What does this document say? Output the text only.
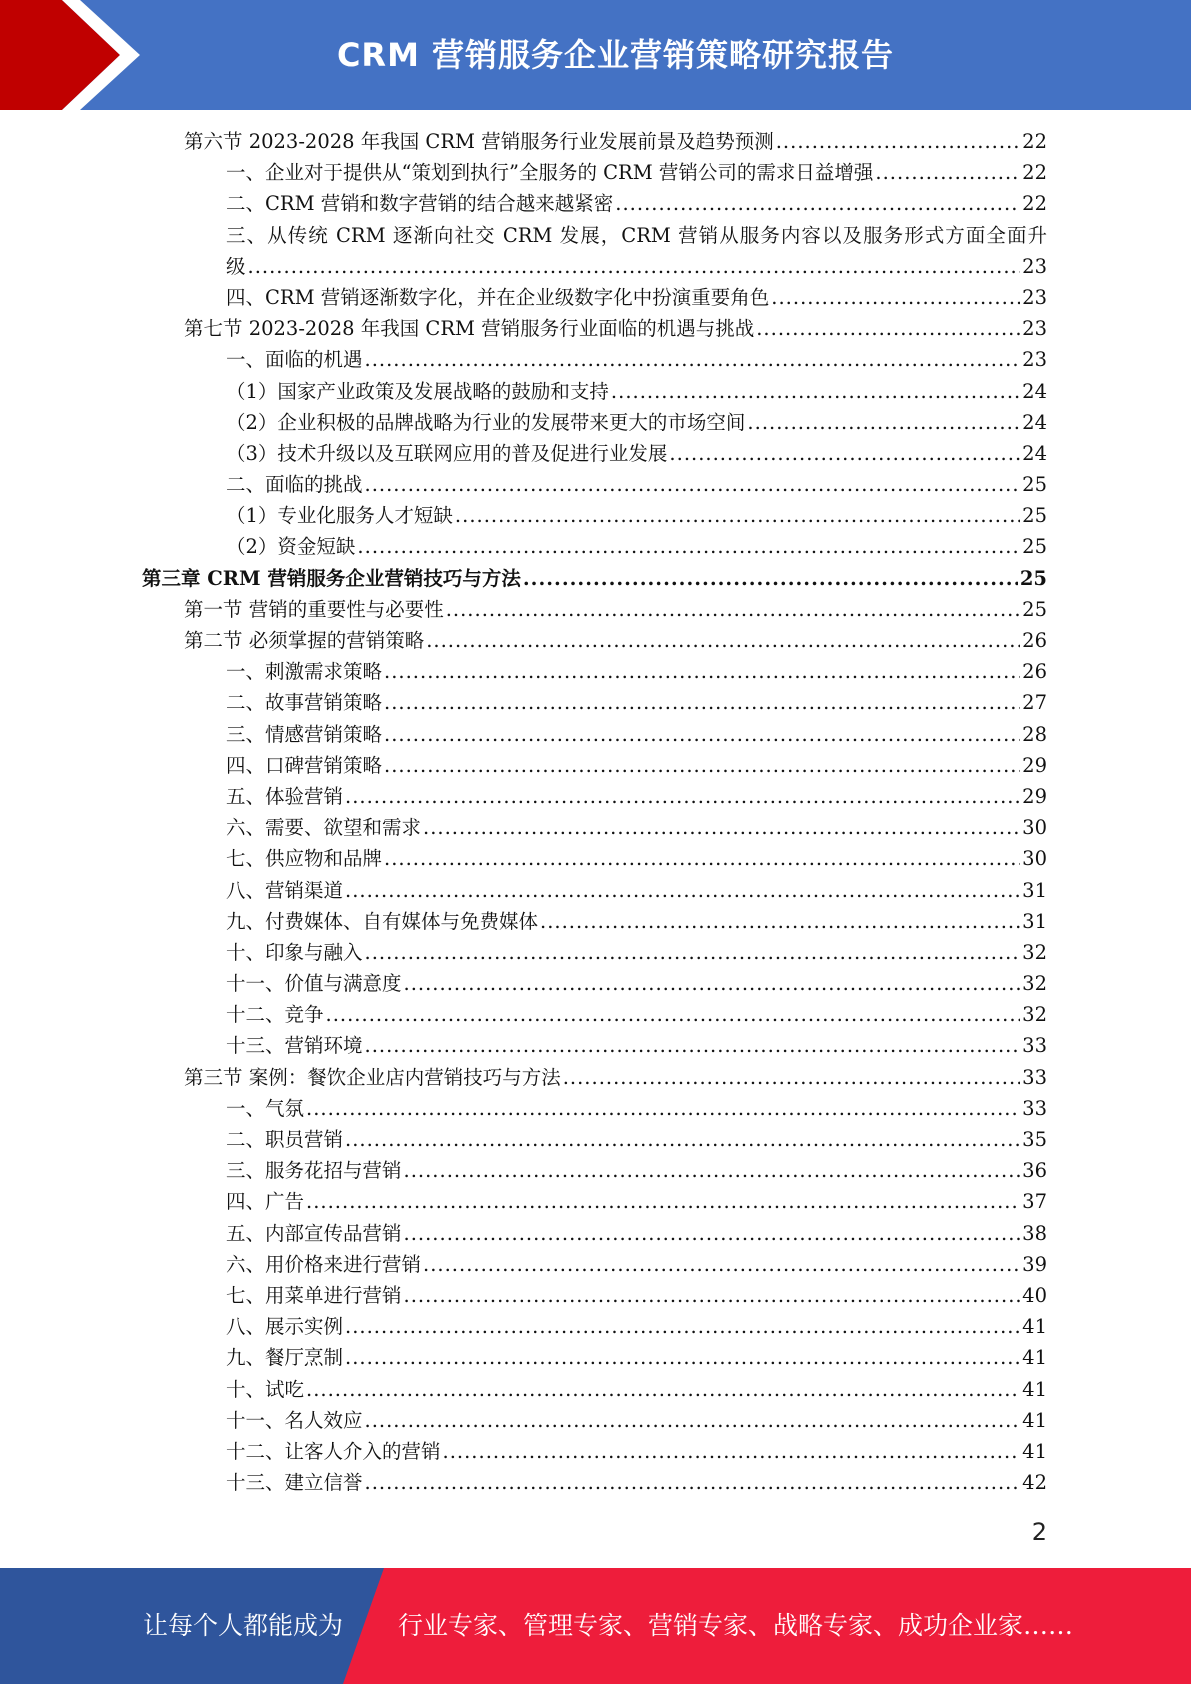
CRM 营销服务企业营销策略研究报告
第六节 2023-2028 年我国 CRM 营销服务行业发展前景及趋势预测 .....	22
一、企业对于提供从“策划到执行”全服务的 CRM 营销公司的需求日益增强 .....	22
二、CRM 营销和数字营销的结合越来越紧密 .....	22
三、从传统 CRM 逐渐向社交 CRM 发展，CRM 营销从服务内容以及服务形式方面全面升
级 .....	23
四、CRM 营销逐渐数字化，并在企业级数字化中扮演重要角色 .....	23
第七节 2023-2028 年我国 CRM 营销服务行业面临的机遇与挑战 .....	23
一、面临的机遇 .....	23
（1）国家产业政策及发展战略的鼓励和支持 .....	24
（2）企业积极的品牌战略为行业的发展带来更大的市场空间 .....	24
（3）技术升级以及互联网应用的普及促进行业发展 .....	24
二、面临的挑战 .....	25
（1）专业化服务人才短缺 .....	25
（2）资金短缺 .....	25
第三章 CRM 营销服务企业营销技巧与方法 .....	25
第一节 营销的重要性与必要性 .....	25
第二节 必须掌握的营销策略 .....	26
一、刺激需求策略 .....	26
二、故事营销策略 .....	27
三、情感营销策略 .....	28
四、口碑营销策略 .....	29
五、体验营销 .....	29
六、需要、欲望和需求 .....	30
七、供应物和品牌 .....	30
八、营销渠道 .....	31
九、付费媒体、自有媒体与免费媒体 .....	31
十、印象与融入 .....	32
十一、价值与满意度 .....	32
十二、竞争 .....	32
十三、营销环境 .....	33
第三节 案例：餐饮企业店内营销技巧与方法 .....	33
一、气氛 .....	33
二、职员营销 .....	35
三、服务花招与营销 .....	36
四、广告 .....	37
五、内部宣传品营销 .....	38
六、用价格来进行营销 .....	39
七、用菜单进行营销 .....	40
八、展示实例 .....	41
九、餐厅烹制 .....	41
十、试吃 .....	41
十一、名人效应 .....	41
十二、让客人介入的营销 .....	41
十三、建立信誉 .....	42
2
让每个人都能成为 行业专家、管理专家、营销专家、战略专家、成功企业家……
